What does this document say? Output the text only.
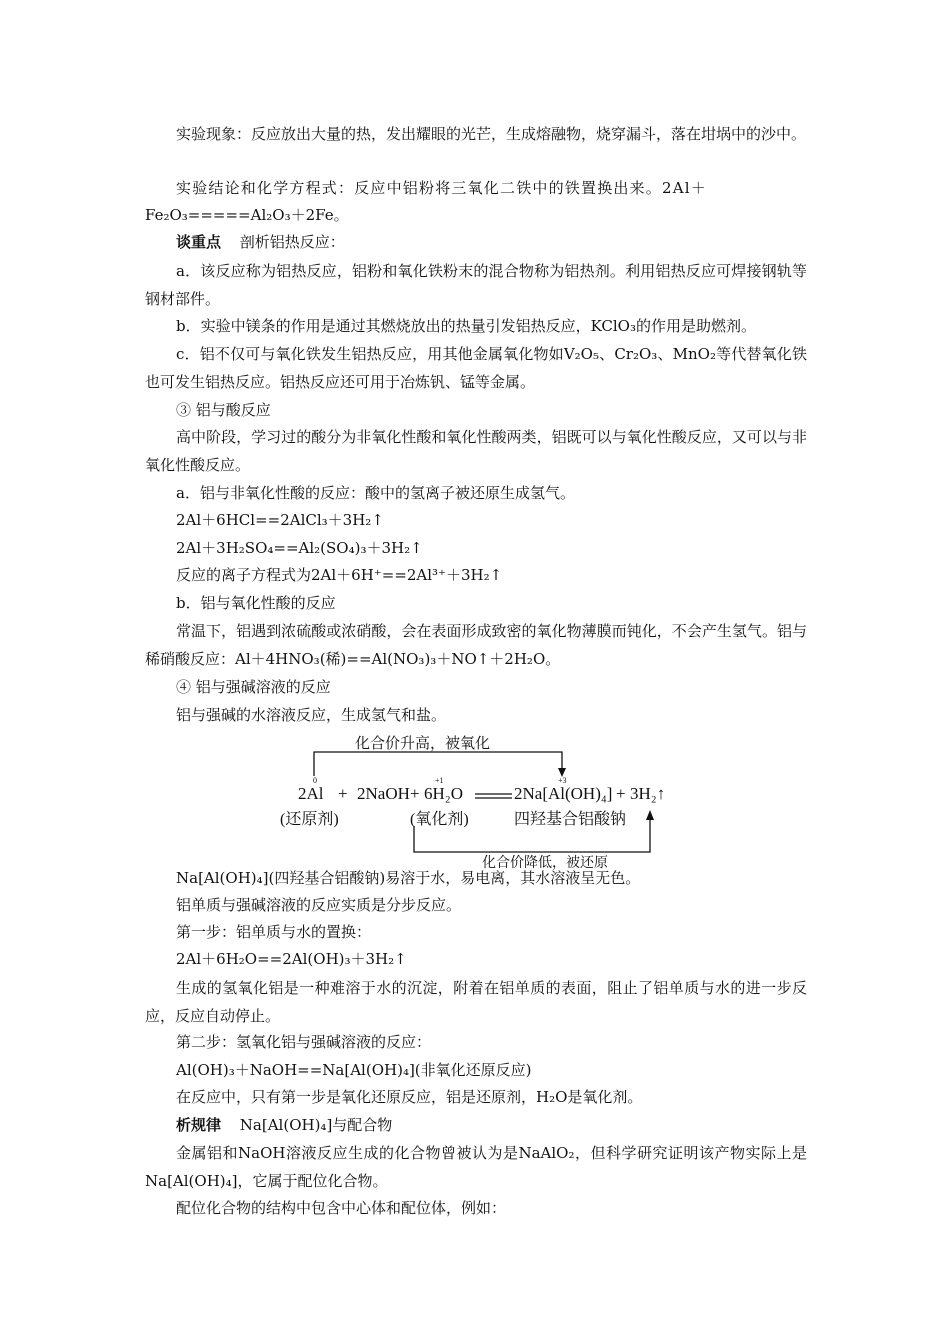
实验现象：反应放出大量的热，发出耀眼的光芒，生成熔融物，烧穿漏斗，落在坩埚中的沙中。
实验结论和化学方程式：反应中铝粉将三氧化二铁中的铁置换出来。2Al＋
Fe₂O₃=====Al₂O₃＋2Fe。
谈重点 剖析铝热反应：
a．该反应称为铝热反应，铝粉和氧化铁粉末的混合物称为铝热剂。利用铝热反应可焊接钢轨等钢材部件。
b．实验中镁条的作用是通过其燃烧放出的热量引发铝热反应，KClO₃的作用是助燃剂。
c．铝不仅可与氧化铁发生铝热反应，用其他金属氧化物如V₂O₅、Cr₂O₃、MnO₂等代替氧化铁也可发生铝热反应。铝热反应还可用于冶炼钒、锰等金属。
③ 铝与酸反应
高中阶段，学习过的酸分为非氧化性酸和氧化性酸两类，铝既可以与氧化性酸反应，又可以与非氧化性酸反应。
a．铝与非氧化性酸的反应：酸中的氢离子被还原生成氢气。
2Al＋6HCl==2AlCl₃＋3H₂↑
2Al＋3H₂SO₄==Al₂(SO₄)₃＋3H₂↑
反应的离子方程式为2Al＋6H⁺==2Al³⁺＋3H₂↑
b．铝与氧化性酸的反应
常温下，铝遇到浓硫酸或浓硝酸，会在表面形成致密的氧化物薄膜而钝化，不会产生氢气。铝与稀硝酸反应：Al＋4HNO₃(稀)==Al(NO₃)₃＋NO↑＋2H₂O。
④ 铝与强碱溶液的反应
铝与强碱的水溶液反应，生成氢气和盐。
化合价升高，被氧化
0	+1	+3
2Al + 2NaOH + 6H₂O	2Na[Al(OH)₄] + 3H₂↑
(还原剂)	(氧化剂)	四羟基合铝酸钠
化合价降低，被还原
Na[Al(OH)₄](四羟基合铝酸钠)易溶于水，易电离，其水溶液呈无色。
铝单质与强碱溶液的反应实质是分步反应。
第一步：铝单质与水的置换：
2Al＋6H₂O==2Al(OH)₃＋3H₂↑
生成的氢氧化铝是一种难溶于水的沉淀，附着在铝单质的表面，阻止了铝单质与水的进一步反应，反应自动停止。
第二步：氢氧化铝与强碱溶液的反应：
Al(OH)₃＋NaOH==Na[Al(OH)₄](非氧化还原反应)
在反应中，只有第一步是氧化还原反应，铝是还原剂，H₂O是氧化剂。
析规律 Na[Al(OH)₄]与配合物
金属铝和NaOH溶液反应生成的化合物曾被认为是NaAlO₂，但科学研究证明该产物实际上是Na[Al(OH)₄]，它属于配位化合物。
配位化合物的结构中包含中心体和配位体，例如：
